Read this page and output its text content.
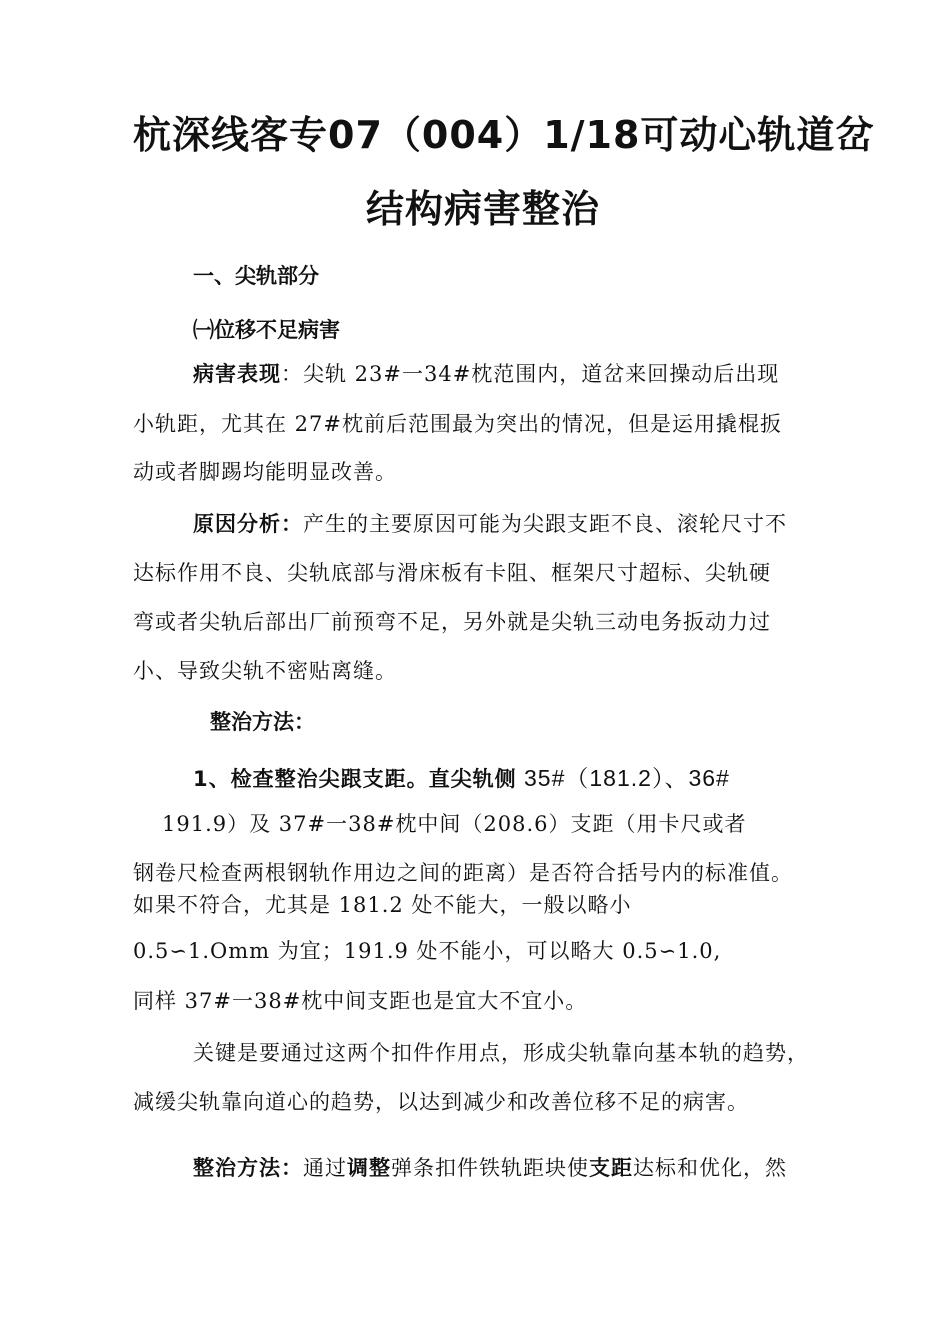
杭深线客专07（004）1/18可动心轨道岔
结构病害整治
一、尖轨部分
㈠位移不足病害
病害表现：尖轨 23#一34#枕范围内，道岔来回操动后出现
小轨距，尤其在 27#枕前后范围最为突出的情况，但是运用撬棍扳
动或者脚踢均能明显改善。
原因分析：产生的主要原因可能为尖跟支距不良、滚轮尺寸不
达标作用不良、尖轨底部与滑床板有卡阻、框架尺寸超标、尖轨硬
弯或者尖轨后部出厂前预弯不足，另外就是尖轨三动电务扳动力过
小、导致尖轨不密贴离缝。
整治方法：
1、检查整治尖跟支距。直尖轨侧 35#（181.2）、36#
191.9）及 37#一38#枕中间（208.6）支距（用卡尺或者
钢卷尺检查两根钢轨作用边之间的距离）是否符合括号内的标准值。
如果不符合，尤其是 181.2 处不能大，一般以略小
0.5∽1.Omm 为宜；191.9 处不能小，可以略大 0.5∽1.0,
同样 37#一38#枕中间支距也是宜大不宜小。
关键是要通过这两个扣件作用点，形成尖轨靠向基本轨的趋势，
减缓尖轨靠向道心的趋势，以达到减少和改善位移不足的病害。
整治方法：通过调整弹条扣件铁轨距块使支距达标和优化，然
